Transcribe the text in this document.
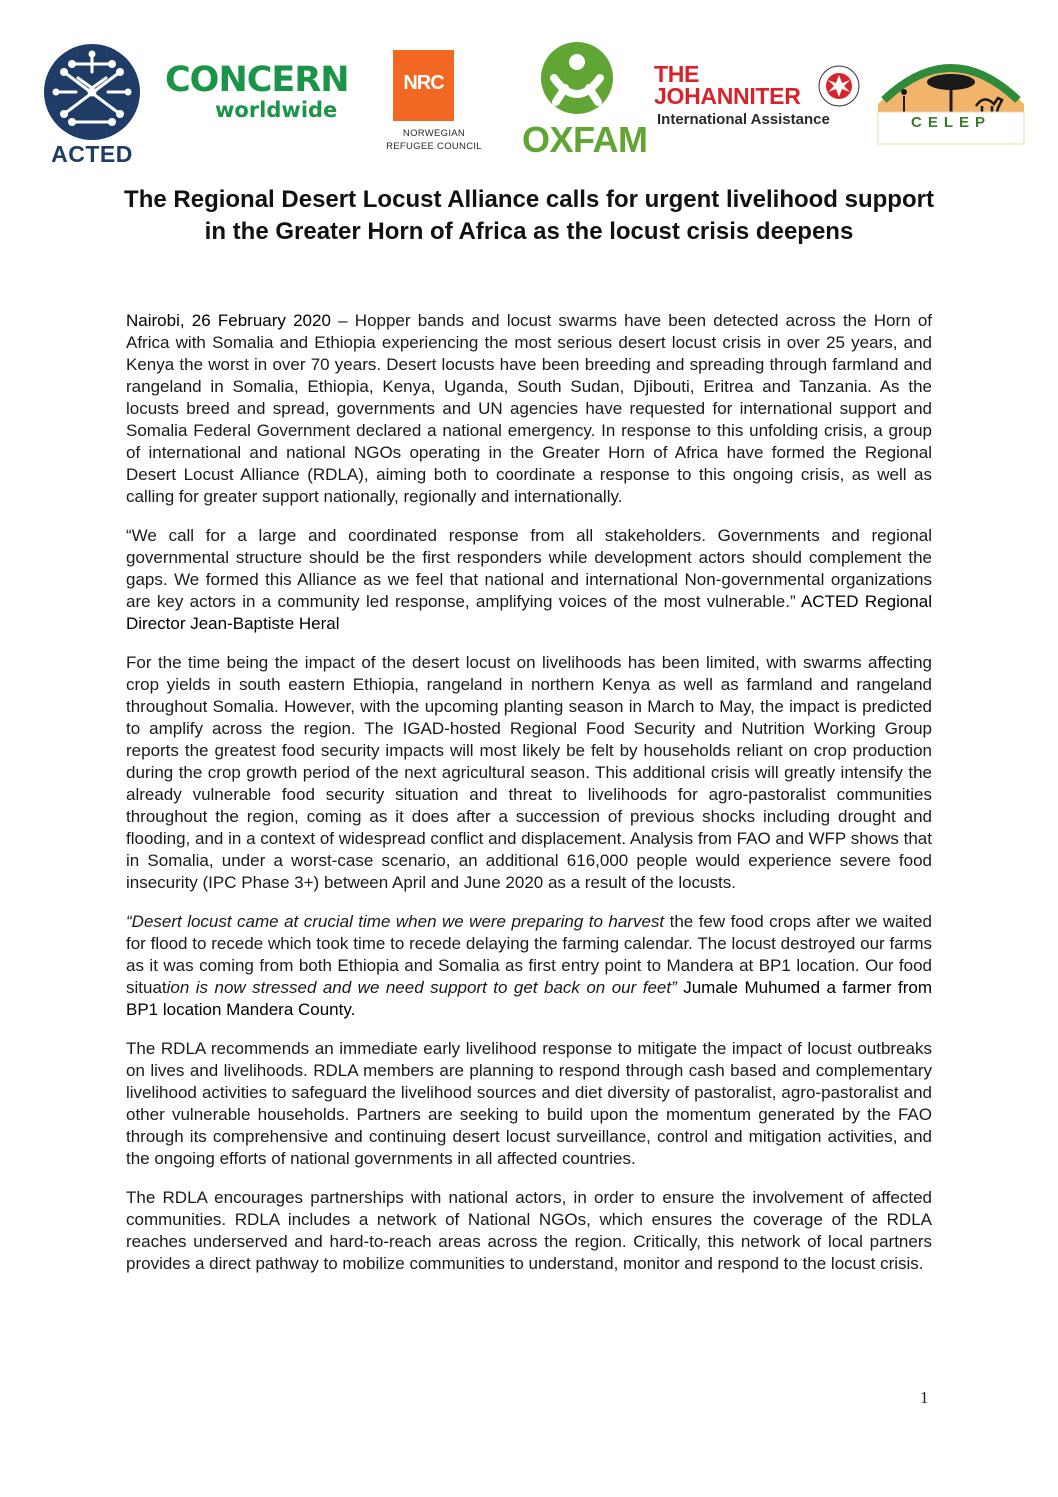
ACTED
CONCERN
worldwide
NRC
NORWEGIAN
REFUGEE COUNCIL	OXFAM
THE
JOHANNITER
International Assistance	CELEP
The Regional Desert Locust Alliance calls for urgent livelihood support in the Greater Horn of Africa as the locust crisis deepens

Nairobi, 26 February 2020 – Hopper bands and locust swarms have been detected across the Horn of Africa with Somalia and Ethiopia experiencing the most serious desert locust crisis in over 25 years, and Kenya the worst in over 70 years. Desert locusts have been breeding and spreading through farmland and rangeland in Somalia, Ethiopia, Kenya, Uganda, South Sudan, Djibouti, Eritrea and Tanzania. As the locusts breed and spread, governments and UN agencies have requested for international support and Somalia Federal Government declared a national emergency. In response to this unfolding crisis, a group of international and national NGOs operating in the Greater Horn of Africa have formed the Regional Desert Locust Alliance (RDLA), aiming both to coordinate a response to this ongoing crisis, as well as calling for greater support nationally, regionally and internationally.

“We call for a large and coordinated response from all stakeholders. Governments and regional governmental structure should be the first responders while development actors should complement the gaps. We formed this Alliance as we feel that national and international Non-governmental organizations are key actors in a community led response, amplifying voices of the most vulnerable.” ACTED Regional Director Jean-Baptiste Heral

For the time being the impact of the desert locust on livelihoods has been limited, with swarms affecting crop yields in south eastern Ethiopia, rangeland in northern Kenya as well as farmland and rangeland throughout Somalia. However, with the upcoming planting season in March to May, the impact is predicted to amplify across the region. The IGAD-hosted Regional Food Security and Nutrition Working Group reports the greatest food security impacts will most likely be felt by households reliant on crop production during the crop growth period of the next agricultural season. This additional crisis will greatly intensify the already vulnerable food security situation and threat to livelihoods for agro-pastoralist communities throughout the region, coming as it does after a succession of previous shocks including drought and flooding, and in a context of widespread conflict and displacement. Analysis from FAO and WFP shows that in Somalia, under a worst-case scenario, an additional 616,000 people would experience severe food insecurity (IPC Phase 3+) between April and June 2020 as a result of the locusts.

“Desert locust came at crucial time when we were preparing to harvest the few food crops after we waited for flood to recede which took time to recede delaying the farming calendar. The locust destroyed our farms as it was coming from both Ethiopia and Somalia as first entry point to Mandera at BP1 location. Our food situation is now stressed and we need support to get back on our feet” Jumale Muhumed a farmer from BP1 location Mandera County.

The RDLA recommends an immediate early livelihood response to mitigate the impact of locust outbreaks on lives and livelihoods. RDLA members are planning to respond through cash based and complementary livelihood activities to safeguard the livelihood sources and diet diversity of pastoralist, agro-pastoralist and other vulnerable households. Partners are seeking to build upon the momentum generated by the FAO through its comprehensive and continuing desert locust surveillance, control and mitigation activities, and the ongoing efforts of national governments in all affected countries.

The RDLA encourages partnerships with national actors, in order to ensure the involvement of affected communities. RDLA includes a network of National NGOs, which ensures the coverage of the RDLA reaches underserved and hard-to-reach areas across the region. Critically, this network of local partners provides a direct pathway to mobilize communities to understand, monitor and respond to the locust crisis.

1
